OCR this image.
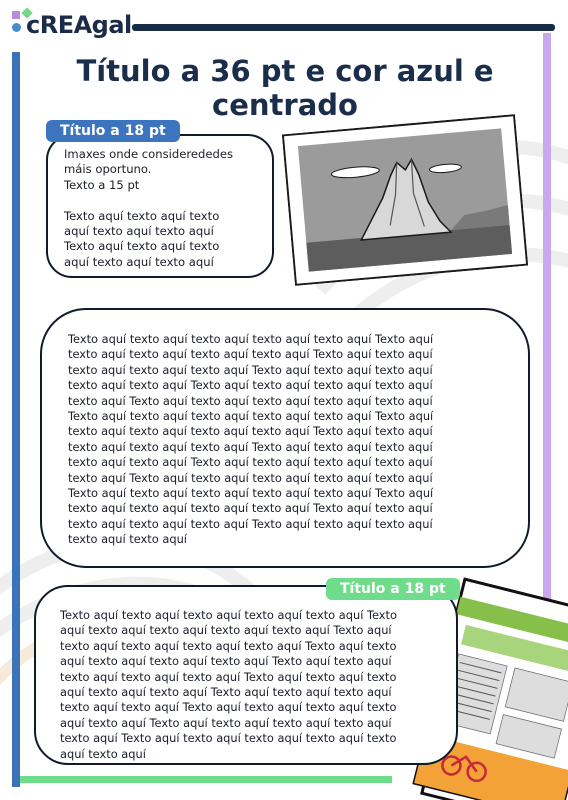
cREAgal
Título a 36 pt e cor azul e centrado
Título a 18 pt
Imaxes onde considerededes
máis oportuno.
Texto a 15 pt

Texto aquí texto aquí texto
aquí texto aquí texto aquí
Texto aquí texto aquí texto
aquí texto aquí texto aquí
Texto aquí texto aquí texto aquí texto aquí texto aquí Texto aquí
texto aquí texto aquí texto aquí texto aquí Texto aquí texto aquí
texto aquí texto aquí texto aquí Texto aquí texto aquí texto aquí
texto aquí texto aquí Texto aquí texto aquí texto aquí texto aquí
texto aquí Texto aquí texto aquí texto aquí texto aquí texto aquí
Texto aquí texto aquí texto aquí texto aquí texto aquí Texto aquí
texto aquí texto aquí texto aquí texto aquí Texto aquí texto aquí
texto aquí texto aquí texto aquí Texto aquí texto aquí texto aquí
texto aquí texto aquí Texto aquí texto aquí texto aquí texto aquí
texto aquí Texto aquí texto aquí texto aquí texto aquí texto aquí
Texto aquí texto aquí texto aquí texto aquí texto aquí Texto aquí
texto aquí texto aquí texto aquí texto aquí Texto aquí texto aquí
texto aquí texto aquí texto aquí Texto aquí texto aquí texto aquí
texto aquí texto aquí
Título a 18 pt
Texto aquí texto aquí texto aquí texto aquí texto aquí Texto
aquí texto aquí texto aquí texto aquí texto aquí Texto aquí
texto aquí texto aquí texto aquí texto aquí Texto aquí texto
aquí texto aquí texto aquí texto aquí Texto aquí texto aquí
texto aquí texto aquí texto aquí Texto aquí texto aquí texto
aquí texto aquí texto aquí Texto aquí texto aquí texto aquí
texto aquí texto aquí Texto aquí texto aquí texto aquí texto
aquí texto aquí Texto aquí texto aquí texto aquí texto aquí
texto aquí Texto aquí texto aquí texto aquí texto aquí texto
aquí texto aquí
